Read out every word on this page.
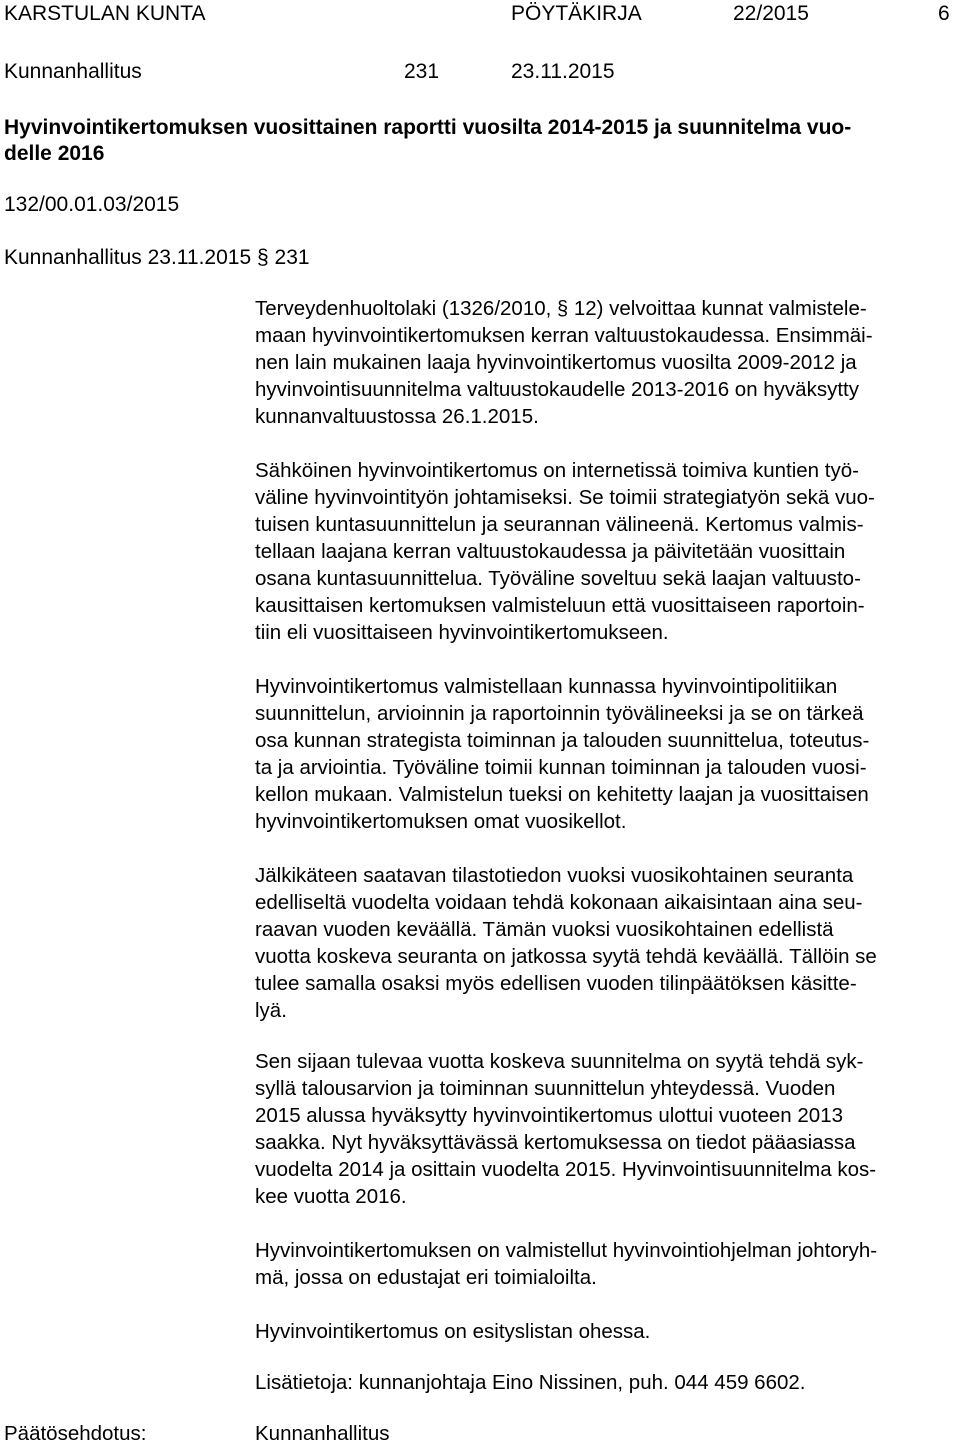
KARSTULAN KUNTA	PÖYTÄKIRJA	22/2015	6
Kunnanhallitus	231	23.11.2015
Hyvinvointikertomuksen vuosittainen raportti vuosilta 2014-2015 ja suunnitelma vuo-
delle 2016
132/00.01.03/2015
Kunnanhallitus 23.11.2015 § 231
Terveydenhuoltolaki (1326/2010, § 12) velvoittaa kunnat valmistele-
maan hyvinvointikertomuksen kerran valtuustokaudessa. Ensimmäi-
nen lain mukainen laaja hyvinvointikertomus vuosilta 2009-2012 ja
hyvinvointisuunnitelma valtuustokaudelle 2013-2016 on hyväksytty
kunnanvaltuustossa 26.1.2015.
Sähköinen hyvinvointikertomus on internetissä toimiva kuntien työ-
väline hyvinvointityön johtamiseksi. Se toimii strategiatyön sekä vuo-
tuisen kuntasuunnittelun ja seurannan välineenä. Kertomus valmis-
tellaan laajana kerran valtuustokaudessa ja päivitetään vuosittain
osana kuntasuunnittelua. Työväline soveltuu sekä laajan valtuusto-
kausittaisen kertomuksen valmisteluun että vuosittaiseen raportoin-
tiin eli vuosittaiseen hyvinvointikertomukseen.
Hyvinvointikertomus valmistellaan kunnassa hyvinvointipolitiikan
suunnittelun, arvioinnin ja raportoinnin työvälineeksi ja se on tärkeä
osa kunnan strategista toiminnan ja talouden suunnittelua, toteutus-
ta ja arviointia. Työväline toimii kunnan toiminnan ja talouden vuosi-
kellon mukaan. Valmistelun tueksi on kehitetty laajan ja vuosittaisen
hyvinvointikertomuksen omat vuosikellot.
Jälkikäteen saatavan tilastotiedon vuoksi vuosikohtainen seuranta
edelliseltä vuodelta voidaan tehdä kokonaan aikaisintaan aina seu-
raavan vuoden keväällä. Tämän vuoksi vuosikohtainen edellistä
vuotta koskeva seuranta on jatkossa syytä tehdä keväällä. Tällöin se
tulee samalla osaksi myös edellisen vuoden tilinpäätöksen käsitte-
lyä.
Sen sijaan tulevaa vuotta koskeva suunnitelma on syytä tehdä syk-
syllä talousarvion ja toiminnan suunnittelun yhteydessä. Vuoden
2015 alussa hyväksytty hyvinvointikertomus ulottui vuoteen 2013
saakka. Nyt hyväksyttävässä kertomuksessa on tiedot pääasiassa
vuodelta 2014 ja osittain vuodelta 2015. Hyvinvointisuunnitelma kos-
kee vuotta 2016.
Hyvinvointikertomuksen on valmistellut hyvinvointiohjelman johtoryh-
mä, jossa on edustajat eri toimialoilta.
Hyvinvointikertomus on esityslistan ohessa.
Lisätietoja: kunnanjohtaja Eino Nissinen, puh. 044 459 6602.
Päätösehdotus:	Kunnanhallitus
